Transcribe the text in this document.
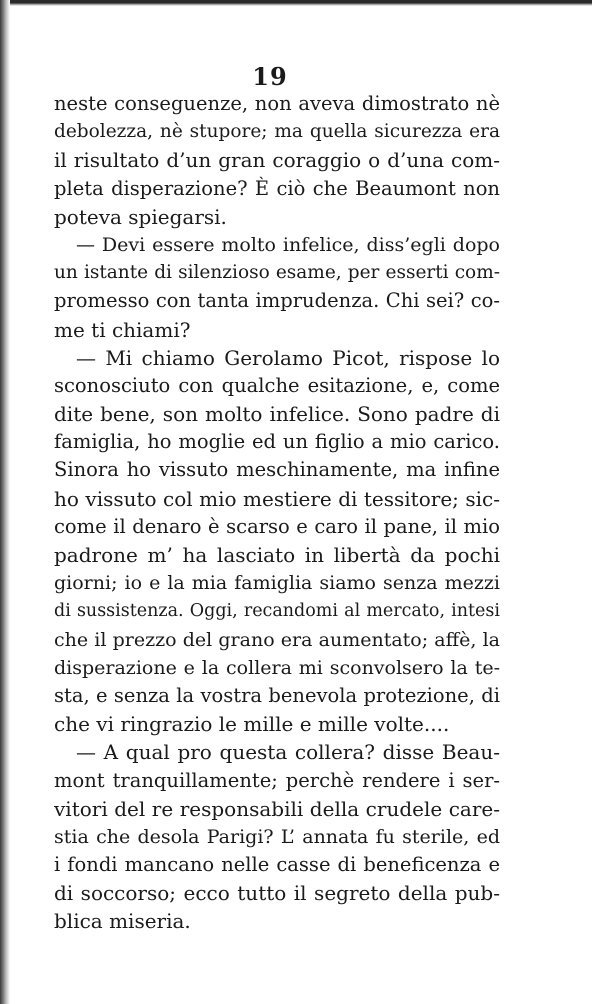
19
neste conseguenze, non aveva dimostrato nè
debolezza, nè stupore; ma quella sicurezza era
il risultato d’un gran coraggio o d’una com-
pleta disperazione? È ciò che Beaumont non
poteva spiegarsi.
— Devi essere molto infelice, diss’egli dopo
un istante di silenzioso esame, per esserti com-
promesso con tanta imprudenza. Chi sei? co-
me ti chiami?
— Mi chiamo Gerolamo Picot, rispose lo
sconosciuto con qualche esitazione, e, come
dite bene, son molto infelice. Sono padre di
famiglia, ho moglie ed un figlio a mio carico.
Sinora ho vissuto meschinamente, ma infine
ho vissuto col mio mestiere di tessitore; sic-
come il denaro è scarso e caro il pane, il mio
padrone m’ ha lasciato in libertà da pochi
giorni; io e la mia famiglia siamo senza mezzi
di sussistenza. Oggi, recandomi al mercato, intesi
che il prezzo del grano era aumentato; affè, la
disperazione e la collera mi sconvolsero la te-
sta, e senza la vostra benevola protezione, di
che vi ringrazio le mille e mille volte....
— A qual pro questa collera? disse Beau-
mont tranquillamente; perchè rendere i ser-
vitori del re responsabili della crudele care-
stia che desola Parigi? L’ annata fu sterile, ed
i fondi mancano nelle casse di beneficenza e
di soccorso; ecco tutto il segreto della pub-
blica miseria.
